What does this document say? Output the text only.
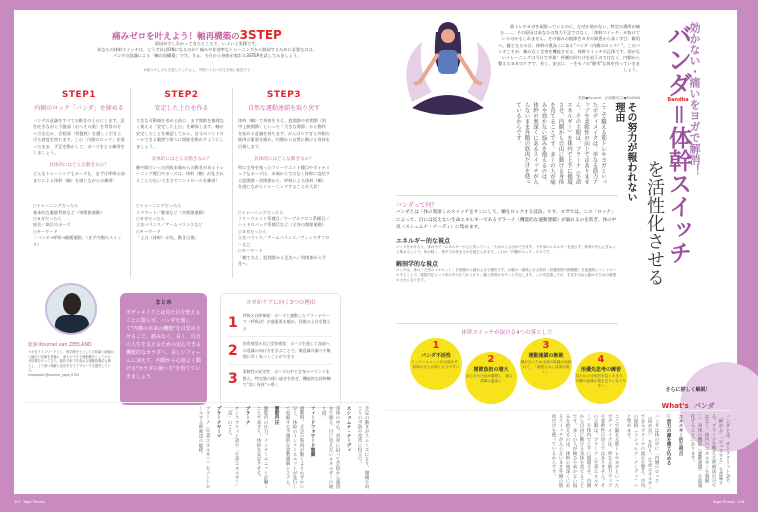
痛みゼロを叶えよう！軸再構築の3STEP
原因が少しわかってきたところで、いよいよ実践です。
あなたの体幹スイッチは、どうすればONになるのか？痛みや非効率なトレーニングから脱却するために必要なのは、
バンダの意識による「軸の再構築」です。さぁ、今日から身体が変わる3STEPを試してみましょう。
※痛みやしびれを感じたら中止し、呼吸→土台→安定を順に確認する
STEP1
内側のロック「バンダ」を締める

バンダの意識をすべての動きの土台にします。息を吐きながら下腹部（おへその奥）を背骨の方へ引き込み、会陰部（骨盤底）を優しく引き上げる感覚を持ちます。この「内側のロック」を保ったまま、手足を動かして、ポーズをとる練習をしましょう。

具体的にはどんな動きなの？

どんなトレーニングもポーズも、まずは呼吸の深まりによる体幹（軸）を感じながらの練習！

○トレーニングだったら

基本的な腹筋背筋など（単関節運動）

○ヨガだったら

座位／臥位のポーズ

○キーワード

「バンダ→呼吸→縮緩運動」（まず内側のスイッチ）

STEP2
安定した土台を作る

大きな可動域を求める前に、まず関節を無理なく使える「安定した土台」を確保します。軸が安定したことを確認してから、自分のコントロールできる範囲で徐々に関節を動かすようにしましょう。

具体的にはどんな動きなの？

腕や脚といった四肢末端からの動きがあるトレーニング種目やポーズは、体幹（軸）が乱されることのない大きさでコントロールを練習！

○トレーニングだったら

スクワット／懸垂など（多関節運動）

○ヨガだったら

立位バランス／アームバランスなど

○キーワード

「土台（体幹）が先、動きは後」

STEP3
自然な運動連鎖を取り戻す

体幹（軸）で身体を支え、股関節や肩関節（肩甲上腕関節）といった「大きな関節」から動作を始める意識を持ちます。がんばりすぎる外側の筋肉の緊張を緩め、内側から自然に動ける身体を目指します。

具体的にはどんな動きなの？

特に全身を使ったフリーウエイト種目やダイナミックなポーズは、末端からではなく体幹に直結する股関節・肩関節から、呼吸による体幹（軸）を感じながらトレーニングすることが大切！

○トレーニングだったら

フリーウエイト系種目／ケーブルクロス系種目／ハイドロバッグ系種目など（全身の関節運動）

○ヨガだったら

立位バランス／アームバランス／ヴィンヤサフローなど

○キーワード

「軸で支え、股関節から足先へ／肩関節から手先へ」

監修:Koumei van ZEELAND
ヨガをライフワークとし、理学療法士としての知識と経験から幅広い知識を基盤に、誰もができる運動療法としてのヨガ指導を行ってきた。動作分析力を高める運動指導法も導入し、より深い理解と応用を行うアプローチを提供している。
Instagram:@koumei_yoga_0705
まとめ
ボディメイクとは見た目を整えることに限らず、バンダを通して"内側の本来の機能"を目覚めさせること。痛みなく、長く、自分の人生を支えるための安心できる機能的なカラダへ。美しいフォームに加えて、内側から心地よく動ける"カラダの使い方"を育てていきましょう。
ヨガがケアに向く3つの理由
1 呼吸×自律神経：ポーズと連動したプラーナヤーマ（呼吸法）が過緊張を緩め、回復の土台を整える
2 固有感覚×自己受容感覚：ポーズを通して深部への意識の向け方を学ぶことで、無意識の偏りや無理に早く気づくことができる
3 柔軟性×安定性：ポーズの中で全身のバランスを整え、特定筋の使い過ぎを防ぎ、機能的な体幹軸で"効く身体"へ導く
手足の動きがスムーズになり、腰痛や肩こりの予防や改善に役立つ。
スシュムナ・ナーディ
身体の中心、背骨に沿って会陰から頭頂まで通る、目に見えないエネルギーの通り道。
フィードフォワード制御
運動時、手足の筋肉が動くよりわずかに早く、体幹のインナーユニットが先行して収縮する予測的な姿勢制御システム。
腹腔内圧
腹腔内の圧力。インナーユニットが働くことで高まり、体幹を安定させる。
プラーナ
サンスクリット語で「生命エネルギー」「気」のこと。
プラーナヤーマ
プラーナ（生命エネルギー）をコントロールする呼吸法の総称。
筋トレやヨガを頑張っているのに、なぜか効かない、特定の場所が痛む……。その原因はあなたの努力不足ではなく、「体幹スイッチ」が抜けているのかもしれません。その悩みの根源をヨガの知恵から深く学び、解消へ。鍵となるのは、体幹の奥深くにある"バンダ（内側のロック）"。このバンダこそが、痛みなく全身を機能させる、体幹スイッチの正体です。効かないトレーニングは今日で卒業！外側の形だけを追うのではなく、内側から整えるヨガのケアで、長く、安全に、一生モノの"健幸"な体を作っていきましょう。
監修●Koumei　企画構成/文●MAMAN	効かない・痛いをヨガで解消！
バンダ
Bandha
＝体幹スイッチ
を活性化させる
その努力が報われない理由
ここで鍛える筋トレやヨガといったボディメイクは、単なる筋力アップや柔軟性の向上ではありません。その主眼は、プラーナ（生命エネルギー）を体内で上手に循環させ、内側から自由に動ける身体を育てることです。多くの人が痛みや効かない悩みを抱えるのは、体幹の奥深くにあるスイッチが入らないまま外側の筋肉だけを使っているからです。
バンダって何？
バンダとは「体の奥深くのスイッチをオンにして、軸をロックする技法」です。ヨガでは、この「ロック」によって、目には見えない生命エネルギーであるプラーナ（機能的な運動連鎖）が漏れるのを防ぎ、体の中央（スシュムナ・ナーディ）に集めます。
エネルギー的な視点
バンダをかけると、体の中で「エネルギーが上に昇っていく」ためのとる出ができます。下半身のエネルギーを逃さず、背骨の中心にぎゅっと集めることで、体が軽く、集中力が高まるのを感じられます。これが「内側のロック」の力です。
解剖学的な視点
バンダは、体の「天然のコルセット」を深層から締め上げる操作です。お腹の一番奥にある筋肉（骨盤底筋や横隔膜）を意識的にコントロールすることで、腹腔内圧という体の中の圧力が上がり、腰と背骨がカチっと安定します。この安定感こそが、手足を自由に動かすための最強の土台になります。
体幹スイッチが抜ける4つの落とし穴
1
バンダ不活性
インナーユニットが目覚めず、体幹の支えが弱くなりやすい
2
関節負担の増大
ねじれや圧迫が蓄積し、痛み・故障の温床に
3
運動連鎖の断絶
軸がないため全身の協調が途切れて、「頑張るのに成果が薄い」
4
形優先思考の練習
見た目の完成形を急ぐあまり、内側の意識が置き去りになりやすい
さらに詳しく解説！
What's バンダ
バンダとは、サンスクリット語で「締める」「ロックする」を意味する。プラーナを整える呼吸法だけではなく、体内のエネルギーを制御し、身体の機能（運動連鎖）を最適化することにあります。
エネルギー的な視点
○活力の源を閉じ込める
バンダは体の中に「内側のロック（留め具）」を作り、生命エネルギーであるプラーナの流れを整え、中央の経路（スシュムナ・ナーディ）へと集めます。
ここで鍛える筋トレやヨガといったボディメイクは、単なる筋力アップや柔軟性の向上ではありません。その主眼は、プラーナ（生命エネルギー）を体内で上手に循環させ、内側から自由に動ける身体を育てることです。多くの人が痛みや効かない悩みを抱えるのは、体幹の奥深くにあるスイッチが入らないまま外側の筋肉だけを使っているからです。
107 Yoga Fitness	Yoga Fitness 108
